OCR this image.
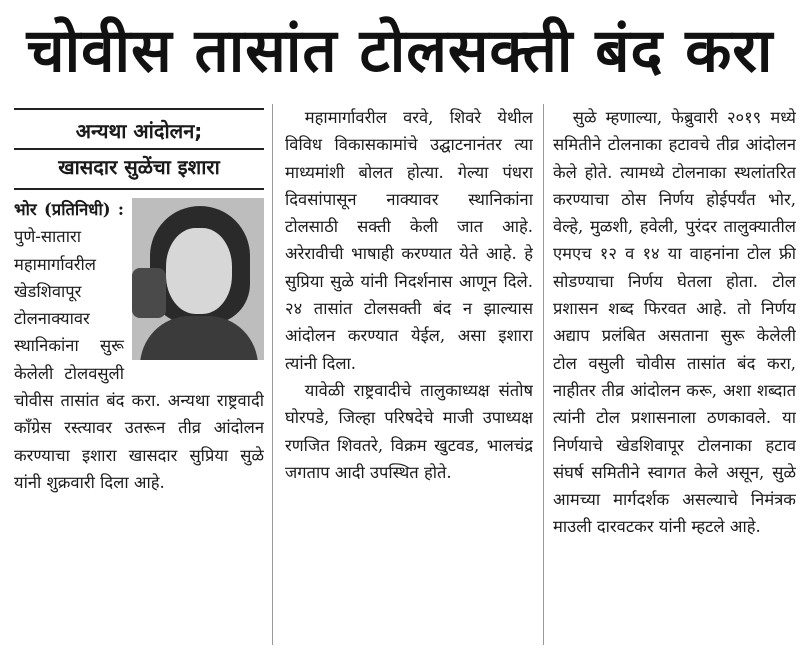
चोवीस तासांत टोलसक्ती बंद करा
अन्यथा आंदोलन;
खासदार सुळेंचा इशारा

भोर (प्रतिनिधी) : पुणे-सातारा महामार्गावरील खेडशिवापूर टोलनाक्यावर स्थानिकांना सुरू केलेली टोलवसुली चोवीस तासांत बंद करा. अन्यथा राष्ट्रवादी काँग्रेस रस्त्यावर उतरून तीव्र आंदोलन करण्याचा इशारा खासदार सुप्रिया सुळे यांनी शुक्रवारी दिला आहे.

महामार्गावरील वरवे, शिवरे येथील विविध विकासकामांचे उद्घाटनानंतर त्या माध्यमांशी बोलत होत्या. गेल्या पंधरा दिवसांपासून नाक्यावर स्थानिकांना टोलसाठी सक्ती केली जात आहे. अरेरावीची भाषाही करण्यात येते आहे. हे सुप्रिया सुळे यांनी निदर्शनास आणून दिले. २४ तासांत टोलसक्ती बंद न झाल्यास आंदोलन करण्यात येईल, असा इशारा त्यांनी दिला.

यावेळी राष्ट्रवादीचे तालुकाध्यक्ष संतोष घोरपडे, जिल्हा परिषदेचे माजी उपाध्यक्ष रणजित शिवतरे, विक्रम खुटवड, भालचंद्र जगताप आदी उपस्थित होते.

सुळे म्हणाल्या, फेब्रुवारी २०१९ मध्ये समितीने टोलनाका हटावचे तीव्र आंदोलन केले होते. त्यामध्ये टोलनाका स्थलांतरित करण्याचा ठोस निर्णय होईपर्यंत भोर, वेल्हे, मुळशी, हवेली, पुरंदर तालुक्यातील एमएच १२ व १४ या वाहनांना टोल फ्री सोडण्याचा निर्णय घेतला होता. टोल प्रशासन शब्द फिरवत आहे. तो निर्णय अद्याप प्रलंबित असताना सुरू केलेली टोल वसुली चोवीस तासांत बंद करा, नाहीतर तीव्र आंदोलन करू, अशा शब्दात त्यांनी टोल प्रशासनाला ठणकावले. या निर्णयाचे खेडशिवापूर टोलनाका हटाव संघर्ष समितीने स्वागत केले असून, सुळे आमच्या मार्गदर्शक असल्याचे निमंत्रक माउली दारवटकर यांनी म्हटले आहे.
